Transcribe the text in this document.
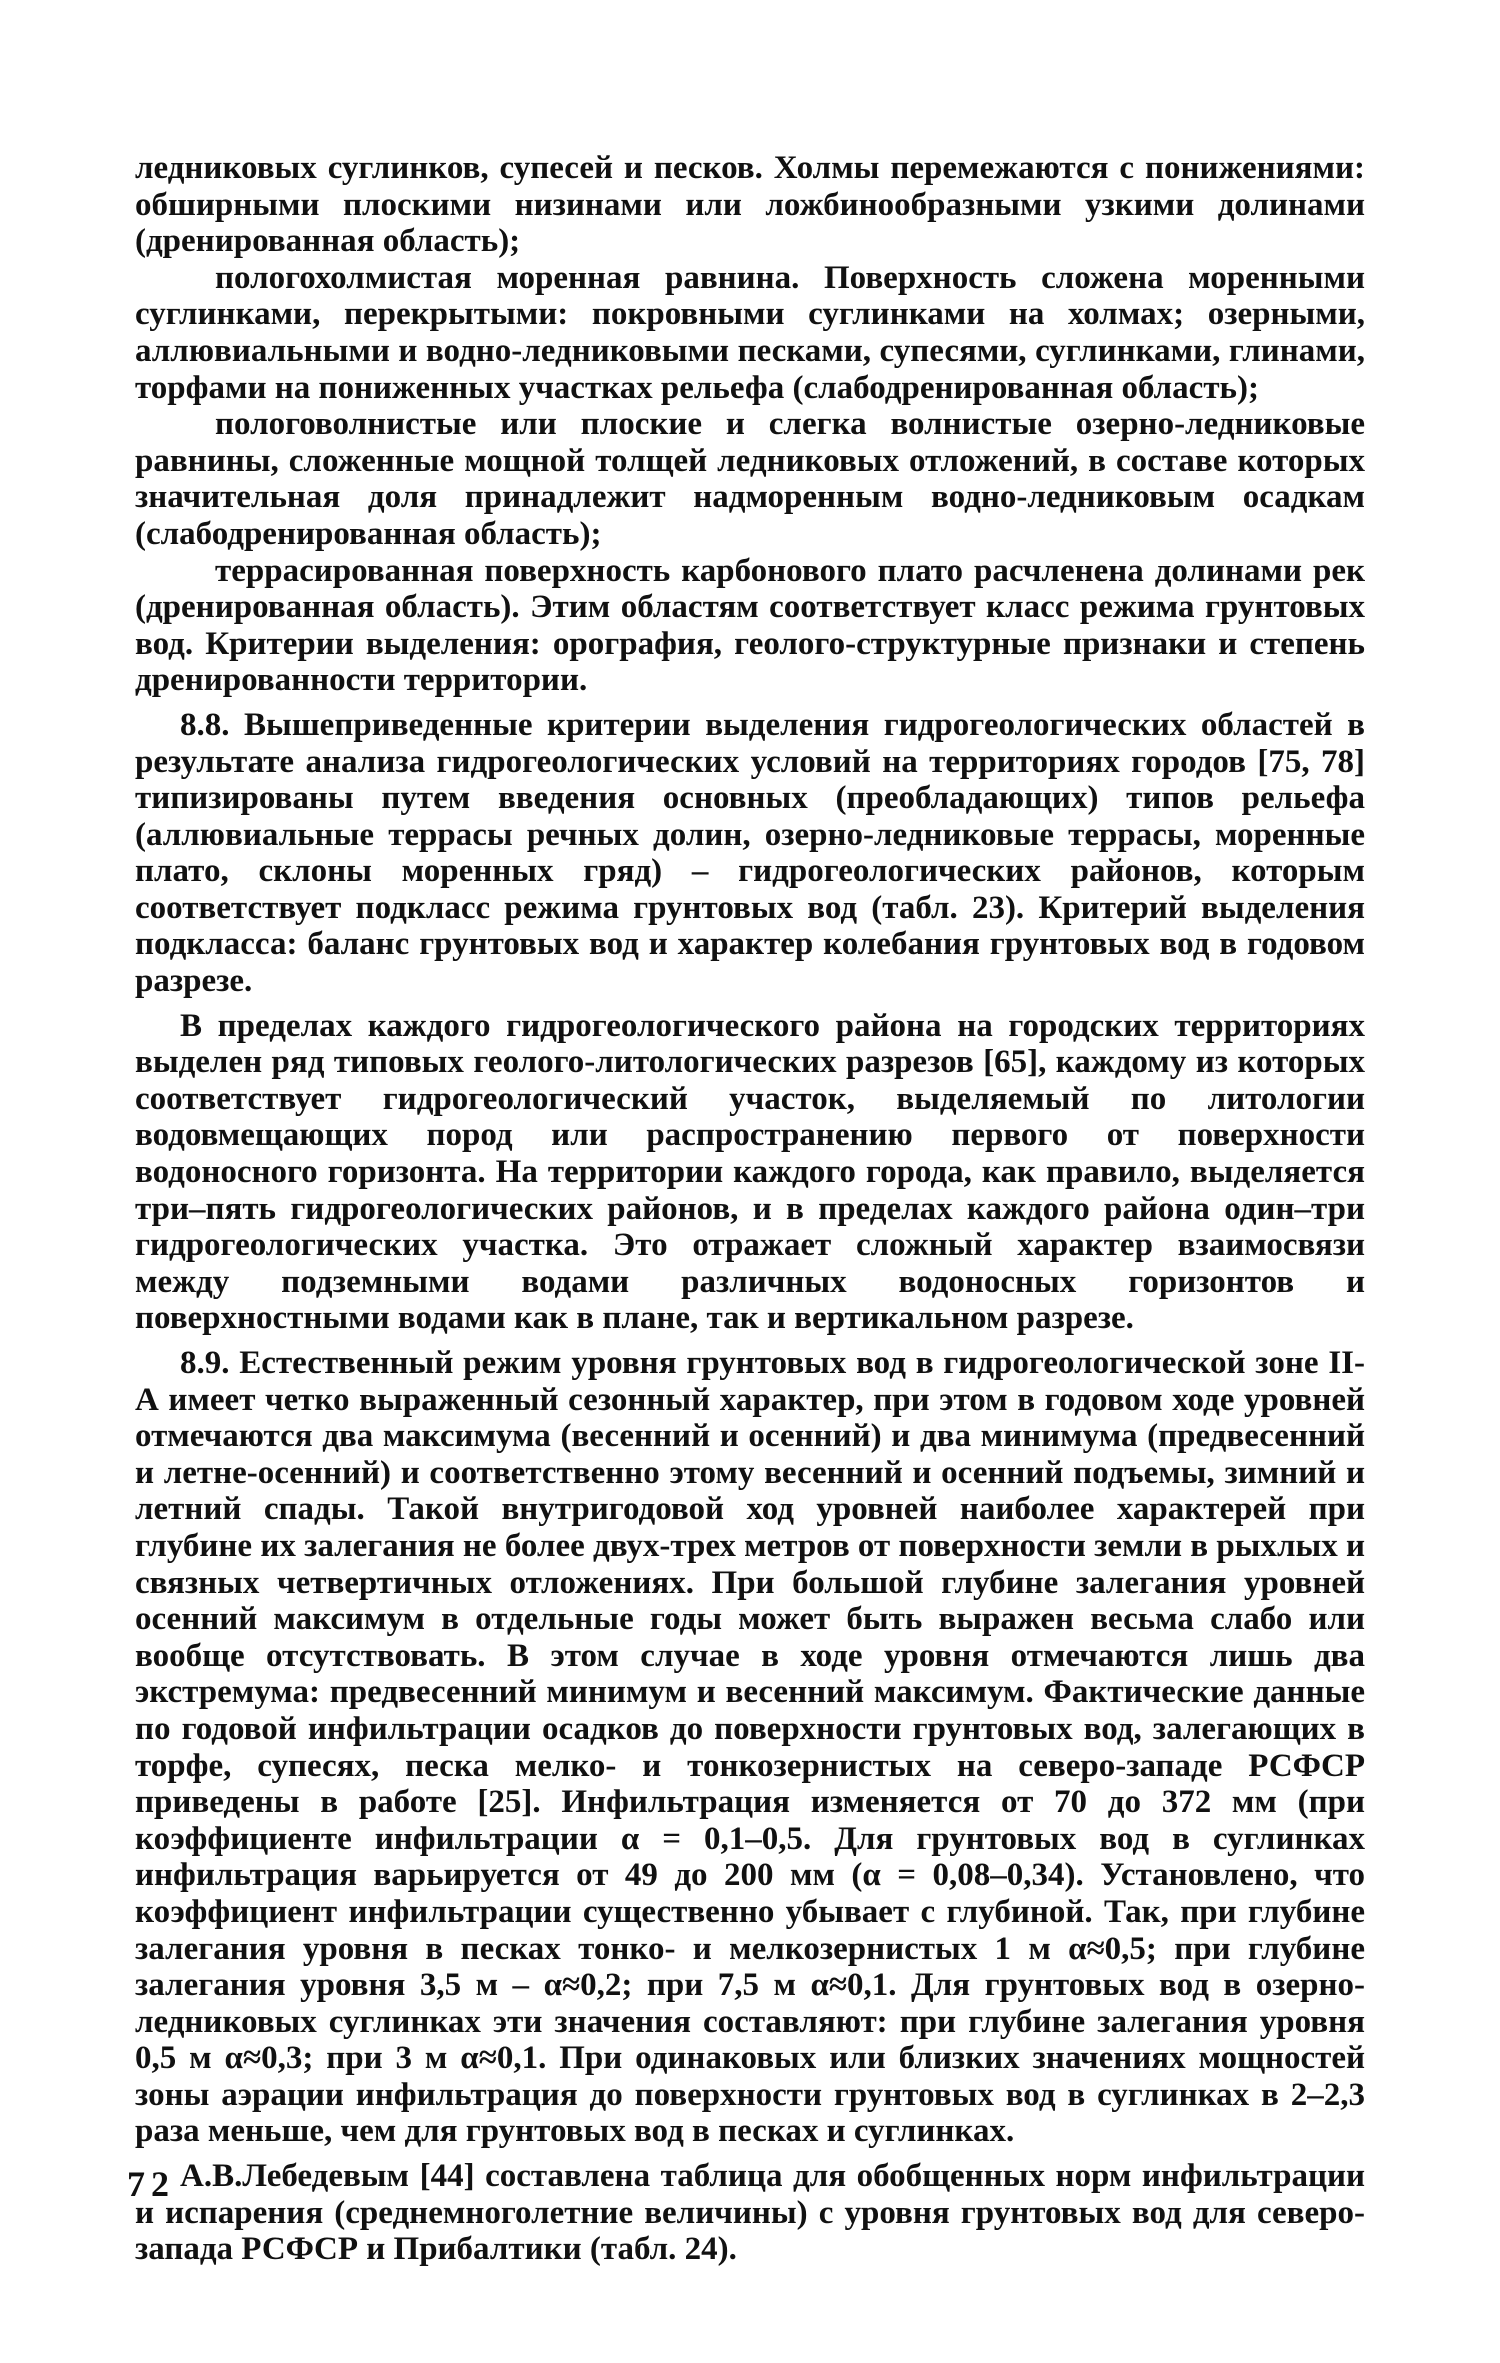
ледниковых суглинков, супесей и песков. Холмы перемежаются с понижениями: обширными плоскими низинами или ложбинообразными узкими долинами (дренированная область);

пологохолмистая моренная равнина. Поверхность сложена моренными суглинками, перекрытыми: покровными суглинками на холмах; озерными, аллювиальными и водно-ледниковыми песками, супесями, суглинками, глинами, торфами на пониженных участках рельефа (слабодренированная область);

пологоволнистые или плоские и слегка волнистые озерно-ледниковые равнины, сложенные мощной толщей ледниковых отложений, в составе которых значительная доля принадлежит надморенным водно-ледниковым осадкам (слабодренированная область);

террасированная поверхность карбонового плато расчленена долинами рек (дренированная область). Этим областям соответствует класс режима грунтовых вод. Критерии выделения: орография, геолого-структурные признаки и степень дренированности территории.

8.8. Вышеприведенные критерии выделения гидрогеологических областей в результате анализа гидрогеологических условий на территориях городов [75, 78] типизированы путем введения основных (преобладающих) типов рельефа (аллювиальные террасы речных долин, озерно-ледниковые террасы, моренные плато, склоны моренных гряд) – гидрогеологических районов, которым соответствует подкласс режима грунтовых вод (табл. 23). Критерий выделения подкласса: баланс грунтовых вод и характер колебания грунтовых вод в годовом разрезе.

В пределах каждого гидрогеологического района на городских территориях выделен ряд типовых геолого-литологических разрезов [65], каждому из которых соответствует гидрогеологический участок, выделяемый по литологии водовмещающих пород или распространению первого от поверхности водоносного горизонта. На территории каждого города, как правило, выделяется три–пять гидрогеологических районов, и в пределах каждого района один–три гидрогеологических участка. Это отражает сложный характер взаимосвязи между подземными водами различных водоносных горизонтов и поверхностными водами как в плане, так и вертикальном разрезе.

8.9. Естественный режим уровня грунтовых вод в гидрогеологической зоне II-А имеет четко выраженный сезонный характер, при этом в годовом ходе уровней отмечаются два максимума (весенний и осенний) и два минимума (предвесенний и летне-осенний) и соответственно этому весенний и осенний подъемы, зимний и летний спады. Такой внутригодовой ход уровней наиболее характерей при глубине их залегания не более двух-трех метров от поверхности земли в рыхлых и связных четвертичных отложениях. При большой глубине залегания уровней осенний максимум в отдельные годы может быть выражен весьма слабо или вообще отсутствовать. В этом случае в ходе уровня отмечаются лишь два экстремума: предвесенний минимум и весенний максимум. Фактические данные по годовой инфильтрации осадков до поверхности грунтовых вод, залегающих в торфе, супесях, песка мелко- и тонкозернистых на северо-западе РСФСР приведены в работе [25]. Инфильтрация изменяется от 70 до 372 мм (при коэффициенте инфильтрации α = 0,1–0,5. Для грунтовых вод в суглинках инфильтрация варьируется от 49 до 200 мм (α = 0,08–0,34). Установлено, что коэффициент инфильтрации существенно убывает с глубиной. Так, при глубине залегания уровня в песках тонко- и мелкозернистых 1 м α≈0,5; при глубине залегания уровня 3,5 м – α≈0,2; при 7,5 м α≈0,1. Для грунтовых вод в озерно-ледниковых суглинках эти значения составляют: при глубине залегания уровня 0,5 м α≈0,3; при 3 м α≈0,1. При одинаковых или близких значениях мощностей зоны аэрации инфильтрация до поверхности грунтовых вод в суглинках в 2–2,3 раза меньше, чем для грунтовых вод в песках и суглинках.

А.В.Лебедевым [44] составлена таблица для обобщенных норм инфильтрации и испарения (среднемноголетние величины) с уровня грунтовых вод для северо-запада РСФСР и Прибалтики (табл. 24).

72
